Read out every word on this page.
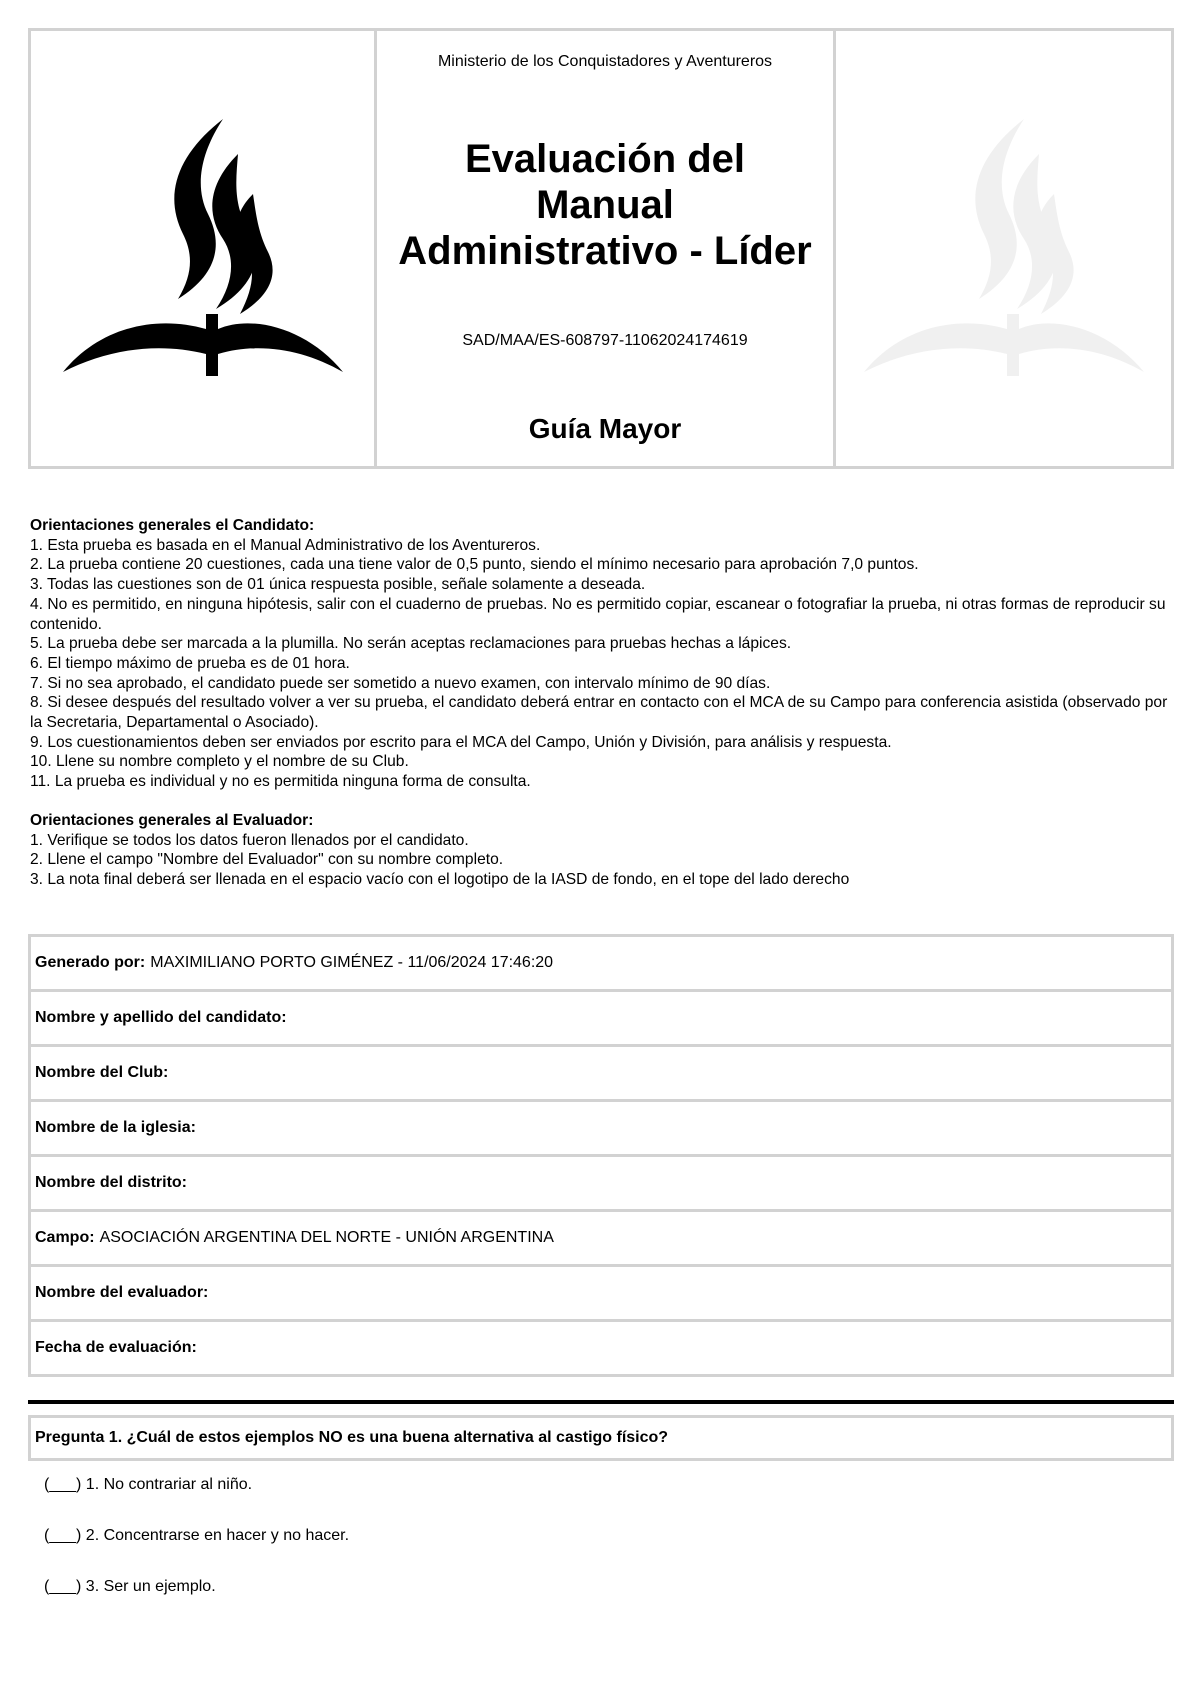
Ministerio de los Conquistadores y Aventureros
Evaluación del
Manual
Administrativo - Líder
SAD/MAA/ES-608797-11062024174619
Guía Mayor
Orientaciones generales el Candidato:
1. Esta prueba es basada en el Manual Administrativo de los Aventureros.
2. La prueba contiene 20 cuestiones, cada una tiene valor de 0,5 punto, siendo el mínimo necesario para aprobación 7,0 puntos.
3. Todas las cuestiones son de 01 única respuesta posible, señale solamente a deseada.
4. No es permitido, en ninguna hipótesis, salir con el cuaderno de pruebas. No es permitido copiar, escanear o fotografiar la prueba, ni otras formas de reproducir su contenido.
5. La prueba debe ser marcada a la plumilla. No serán aceptas reclamaciones para pruebas hechas a lápices.
6. El tiempo máximo de prueba es de 01 hora.
7. Si no sea aprobado, el candidato puede ser sometido a nuevo examen, con intervalo mínimo de 90 días.
8. Si desee después del resultado volver a ver su prueba, el candidato deberá entrar en contacto con el MCA de su Campo para conferencia asistida (observado por la Secretaria, Departamental o Asociado).
9. Los cuestionamientos deben ser enviados por escrito para el MCA del Campo, Unión y División, para análisis y respuesta.
10. Llene su nombre completo y el nombre de su Club.
11. La prueba es individual y no es permitida ninguna forma de consulta.
Orientaciones generales al Evaluador:
1. Verifique se todos los datos fueron llenados por el candidato.
2. Llene el campo "Nombre del Evaluador" con su nombre completo.
3. La nota final deberá ser llenada en el espacio vacío con el logotipo de la IASD de fondo, en el tope del lado derecho
Generado por: MAXIMILIANO PORTO GIMÉNEZ - 11/06/2024 17:46:20
Nombre y apellido del candidato:
Nombre del Club:
Nombre de la iglesia:
Nombre del distrito:
Campo: ASOCIACIÓN ARGENTINA DEL NORTE - UNIÓN ARGENTINA
Nombre del evaluador:
Fecha de evaluación:
Pregunta 1. ¿Cuál de estos ejemplos NO es una buena alternativa al castigo físico?
(___) 1. No contrariar al niño.
(___) 2. Concentrarse en hacer y no hacer.
(___) 3. Ser un ejemplo.
